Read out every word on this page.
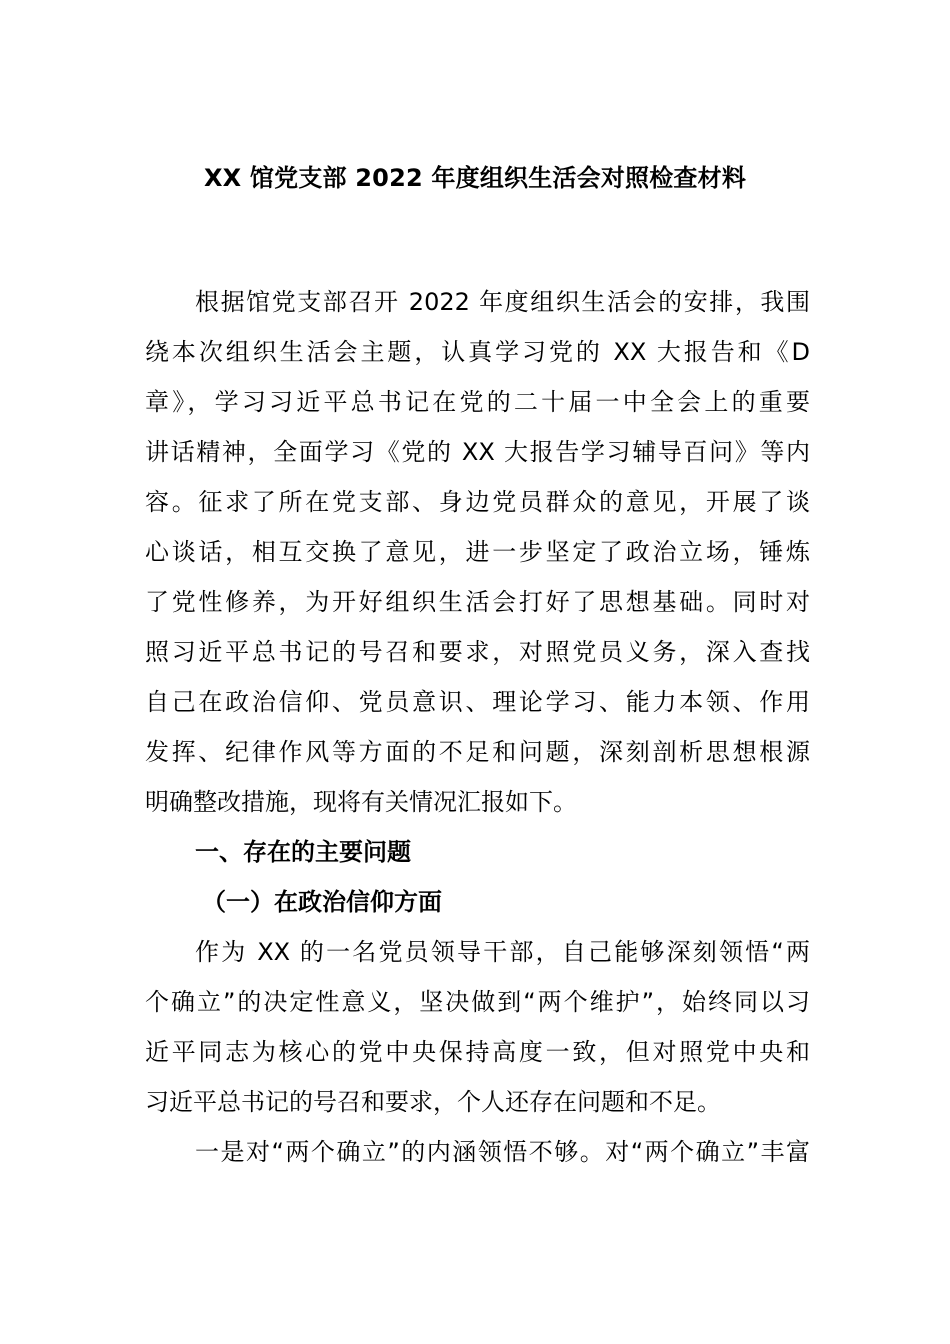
XX 馆党支部 2022 年度组织生活会对照检查材料
根据馆党支部召开 2022 年度组织生活会的安排，我围
绕本次组织生活会主题，认真学习党的 XX 大报告和《D
章》，学习习近平总书记在党的二十届一中全会上的重要
讲话精神，全面学习《党的 XX 大报告学习辅导百问》等内
容。征求了所在党支部、身边党员群众的意见，开展了谈
心谈话，相互交换了意见，进一步坚定了政治立场，锤炼
了党性修养，为开好组织生活会打好了思想基础。同时对
照习近平总书记的号召和要求，对照党员义务，深入查找
自己在政治信仰、党员意识、理论学习、能力本领、作用
发挥、纪律作风等方面的不足和问题，深刻剖析思想根源
明确整改措施，现将有关情况汇报如下。
一、存在的主要问题
（一）在政治信仰方面
作为 XX 的一名党员领导干部，自己能够深刻领悟“两
个确立”的决定性意义，坚决做到“两个维护”，始终同以习
近平同志为核心的党中央保持高度一致，但对照党中央和
习近平总书记的号召和要求，个人还存在问题和不足。
一是对“两个确立”的内涵领悟不够。对“两个确立”丰富
